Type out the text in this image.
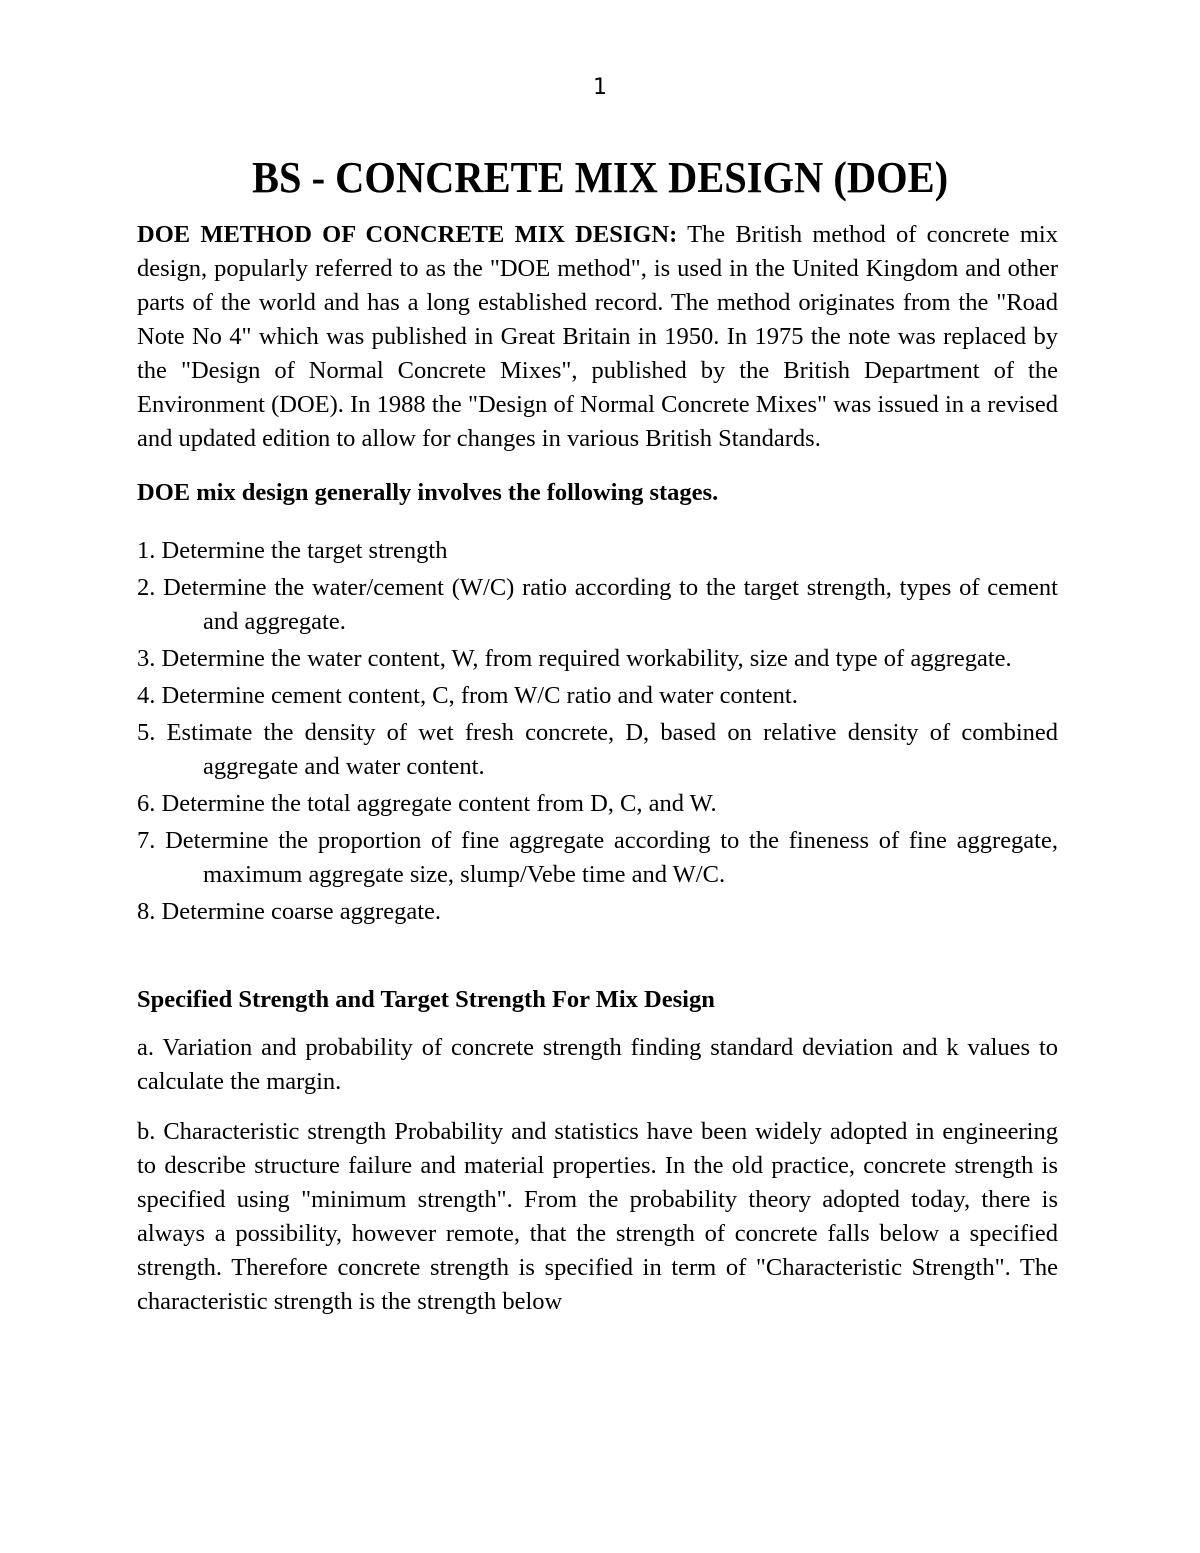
1
BS - CONCRETE MIX DESIGN (DOE)

DOE METHOD OF CONCRETE MIX DESIGN: The British method of concrete mix design, popularly referred to as the "DOE method", is used in the United Kingdom and other parts of the world and has a long established record. The method originates from the "Road Note No 4" which was published in Great Britain in 1950. In 1975 the note was replaced by the "Design of Normal Concrete Mixes", published by the British Department of the Environment (DOE). In 1988 the "Design of Normal Concrete Mixes" was issued in a revised and updated edition to allow for changes in various British Standards.

DOE mix design generally involves the following stages.

1. Determine the target strength
2. Determine the water/cement (W/C) ratio according to the target strength, types of cement and aggregate.
3. Determine the water content, W, from required workability, size and type of aggregate.
4. Determine cement content, C, from W/C ratio and water content.
5. Estimate the density of wet fresh concrete, D, based on relative density of combined aggregate and water content.
6. Determine the total aggregate content from D, C, and W.
7. Determine the proportion of fine aggregate according to the fineness of fine aggregate, maximum aggregate size, slump/Vebe time and W/C.
8. Determine coarse aggregate.

Specified Strength and Target Strength For Mix Design

a. Variation and probability of concrete strength finding standard deviation and k values to calculate the margin.

b. Characteristic strength Probability and statistics have been widely adopted in engineering to describe structure failure and material properties. In the old practice, concrete strength is specified using "minimum strength". From the probability theory adopted today, there is always a possibility, however remote, that the strength of concrete falls below a specified strength. Therefore concrete strength is specified in term of "Characteristic Strength". The characteristic strength is the strength below
